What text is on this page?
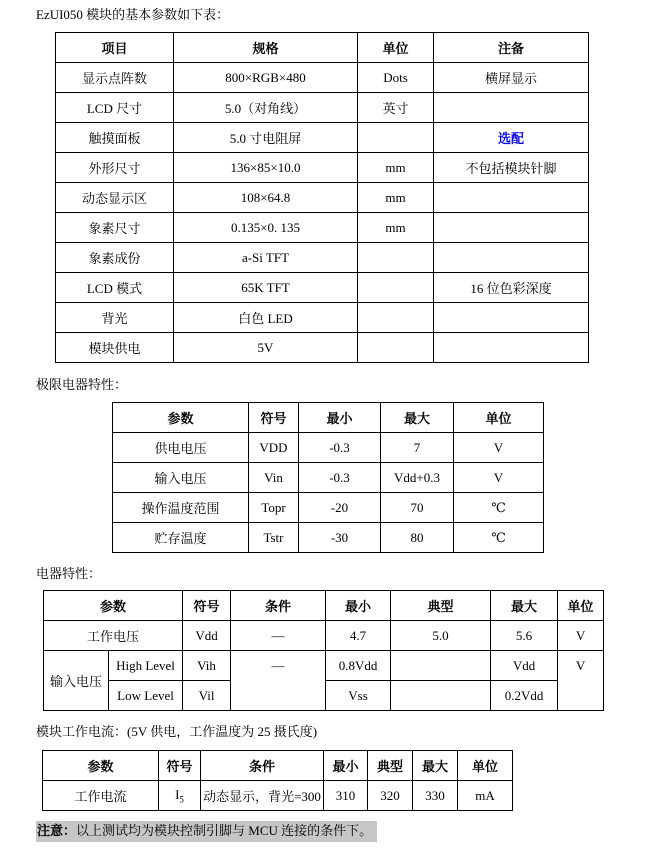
EzUI050 模块的基本参数如下表：
项目	规格	单位	注备
显示点阵数	800×RGB×480	Dots	横屏显示
LCD 尺寸	5.0（对角线）	英寸	
触摸面板	5.0 寸电阻屏		选配
外形尺寸	136×85×10.0	mm	不包括模块针脚
动态显示区	108×64.8	mm	
象素尺寸	0.135×0. 135	mm	
象素成份	a-Si TFT		
LCD 模式	65K TFT		16 位色彩深度
背光	白色 LED		
模块供电	5V		
极限电器特性：
参数	符号	最小	最大	单位
供电电压	VDD	-0.3	7	V
输入电压	Vin	-0.3	Vdd+0.3	V
操作温度范围	Topr	-20	70	℃
贮存温度	Tstr	-30	80	℃
电器特性：
参数		符号	条件	最小	典型	最大	单位
工作电压		Vdd	—	4.7	5.0	5.6	V
输入电压	High Level	Vih	—	0.8Vdd		Vdd	V
	Low Level	Vil		Vss		0.2Vdd	
模块工作电流：(5V 供电，工作温度为 25 摄氏度)
参数	符号	条件	最小	典型	最大	单位
工作电流	$I_5$	动态显示，背光=300	310	320	330	mA
注意：以上测试均为模块控制引脚与 MCU 连接的条件下。
